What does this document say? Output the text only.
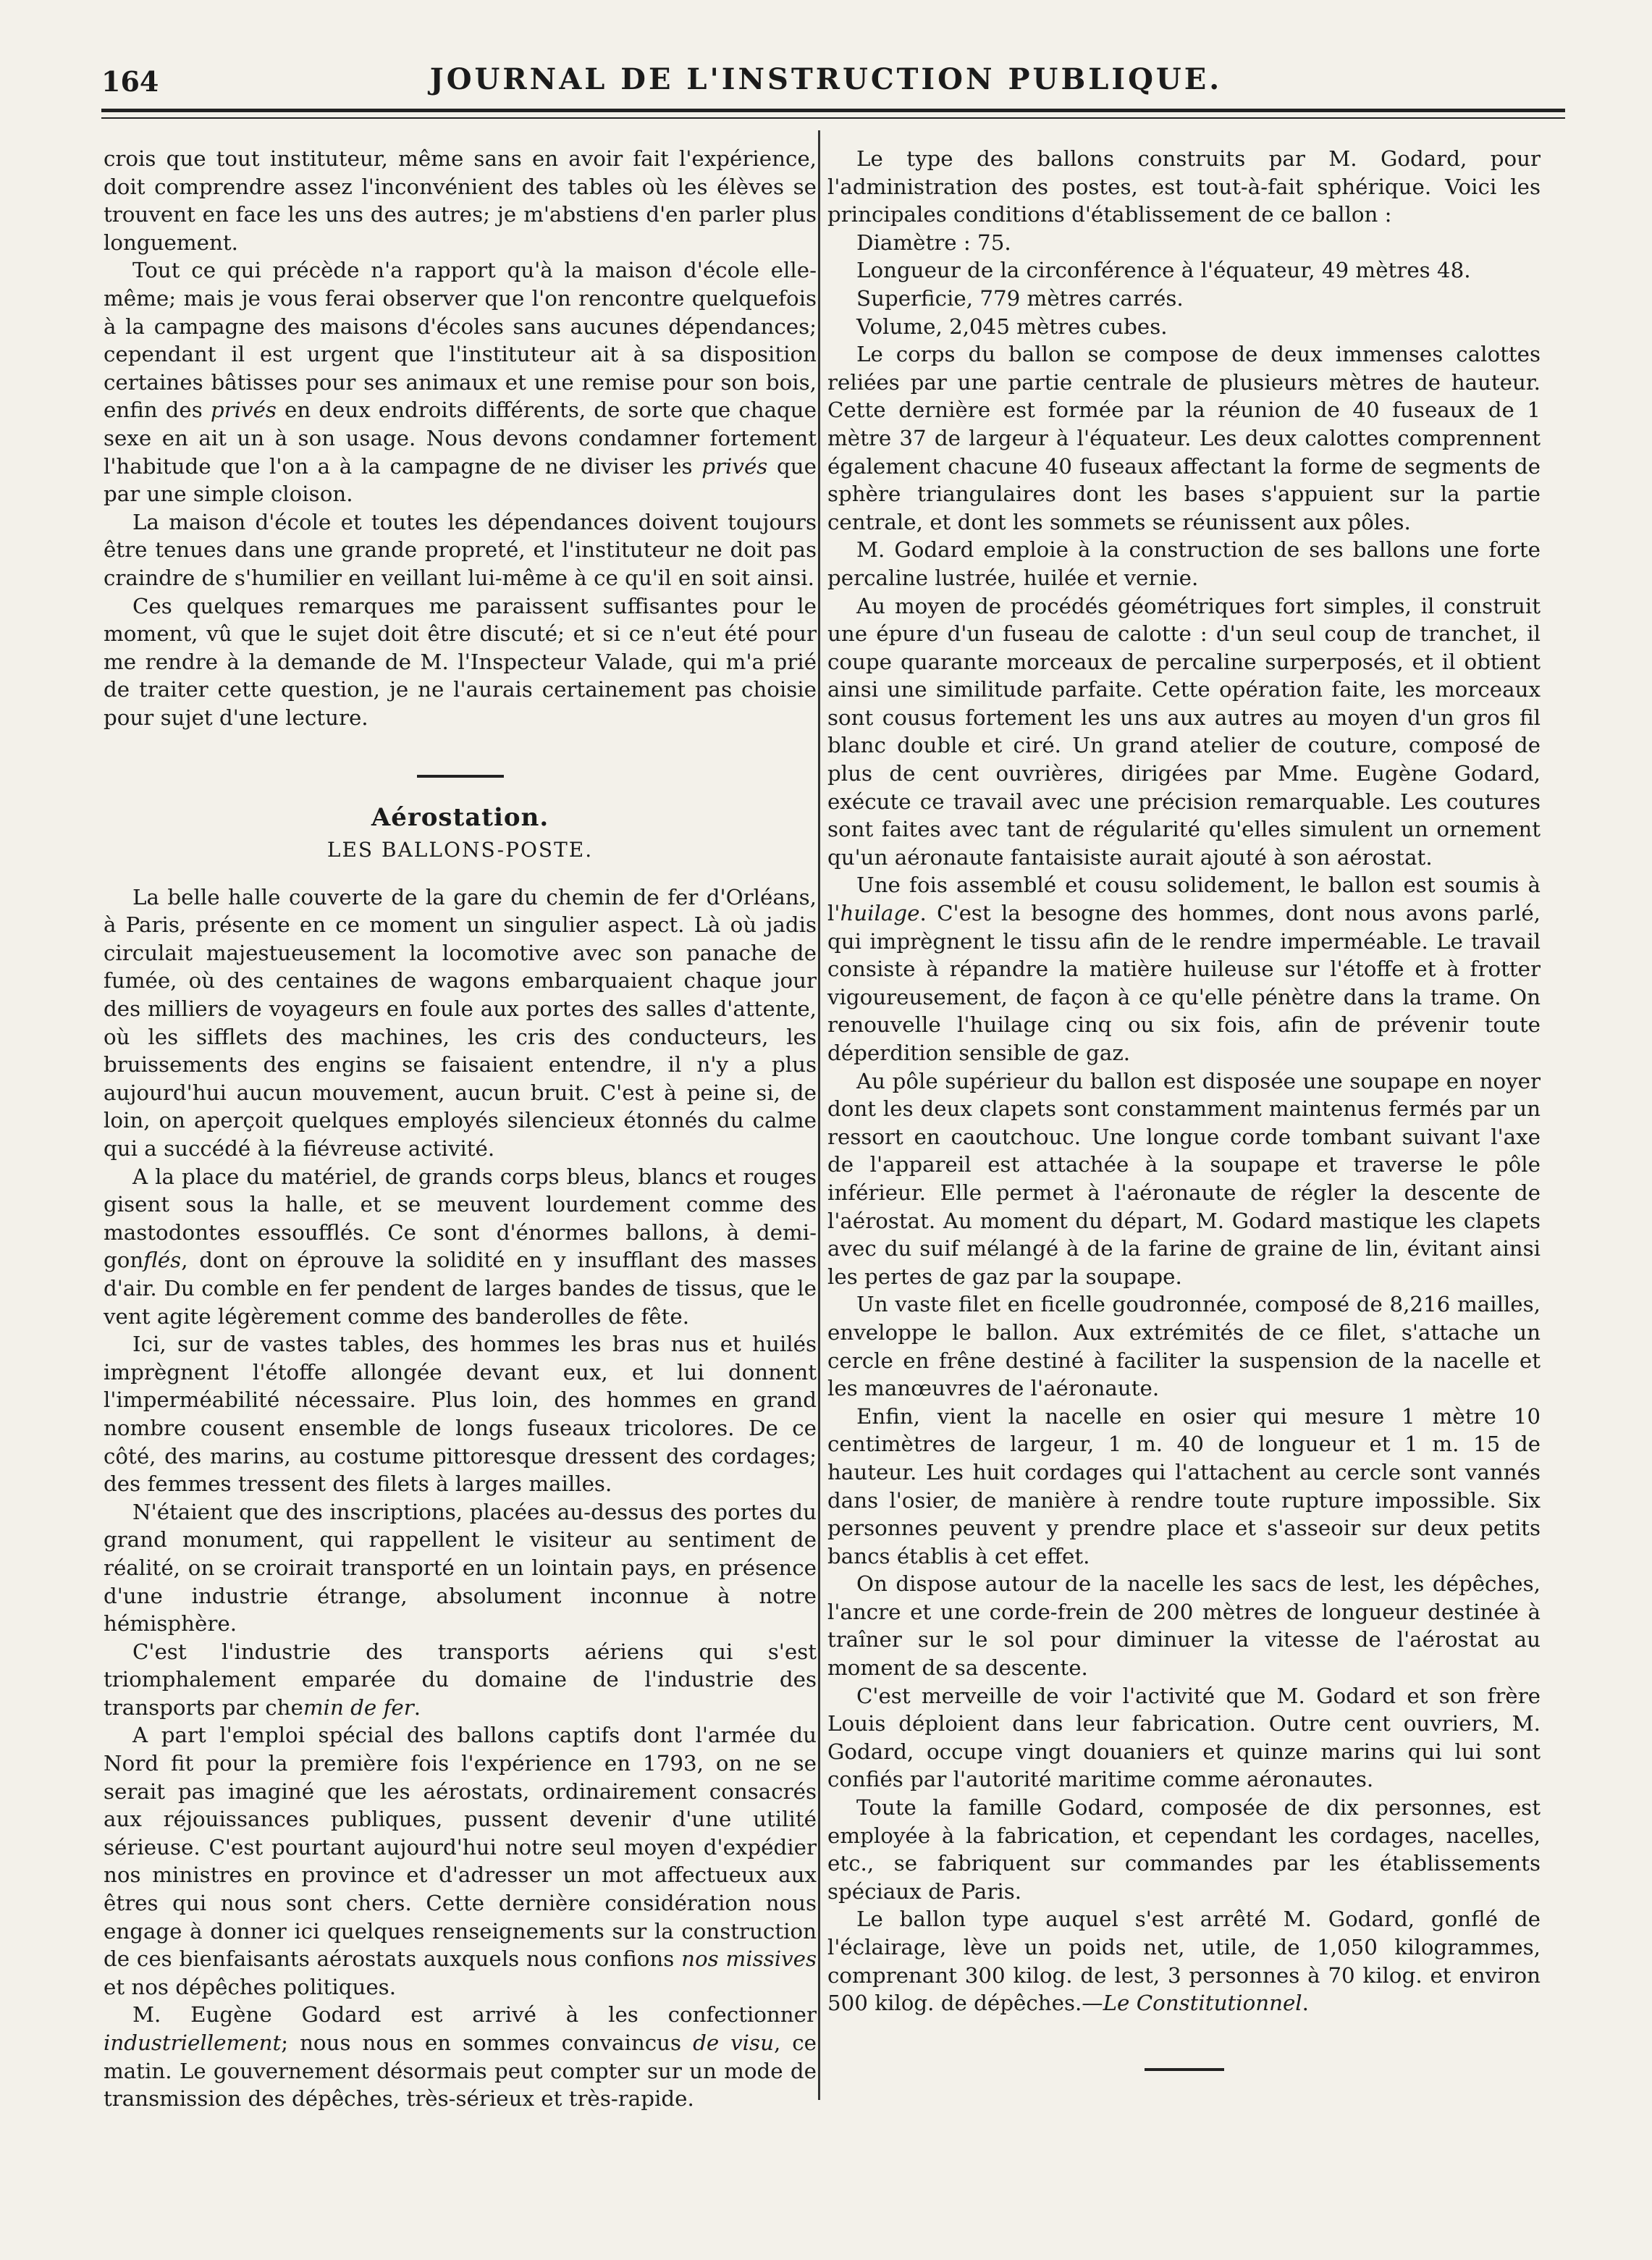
164	JOURNAL DE L'INSTRUCTION PUBLIQUE.

crois que tout instituteur, même sans en avoir fait l'expérience, doit comprendre assez l'inconvénient des tables où les élèves se trouvent en face les uns des autres; je m'abstiens d'en parler plus longuement.

Tout ce qui précède n'a rapport qu'à la maison d'école elle-même; mais je vous ferai observer que l'on rencontre quelquefois à la campagne des maisons d'écoles sans aucunes dépendances; cependant il est urgent que l'instituteur ait à sa disposition certaines bâtisses pour ses animaux et une remise pour son bois, enfin des privés en deux endroits différents, de sorte que chaque sexe en ait un à son usage. Nous devons condamner fortement l'habitude que l'on a à la campagne de ne diviser les privés que par une simple cloison.

La maison d'école et toutes les dépendances doivent toujours être tenues dans une grande propreté, et l'instituteur ne doit pas craindre de s'humilier en veillant lui-même à ce qu'il en soit ainsi.

Ces quelques remarques me paraissent suffisantes pour le moment, vû que le sujet doit être discuté; et si ce n'eut été pour me rendre à la demande de M. l'Inspecteur Valade, qui m'a prié de traiter cette question, je ne l'aurais certainement pas choisie pour sujet d'une lecture.

Aérostation.
LES BALLONS-POSTE.

La belle halle couverte de la gare du chemin de fer d'Orléans, à Paris, présente en ce moment un singulier aspect. Là où jadis circulait majestueusement la locomotive avec son panache de fumée, où des centaines de wagons embarquaient chaque jour des milliers de voyageurs en foule aux portes des salles d'attente, où les sifflets des machines, les cris des conducteurs, les bruissements des engins se faisaient entendre, il n'y a plus aujourd'hui aucun mouvement, aucun bruit. C'est à peine si, de loin, on aperçoit quelques employés silencieux étonnés du calme qui a succédé à la fiévreuse activité.

A la place du matériel, de grands corps bleus, blancs et rouges gisent sous la halle, et se meuvent lourdement comme des mastodontes essoufflés. Ce sont d'énormes ballons, à demi-gonflés, dont on éprouve la solidité en y insufflant des masses d'air. Du comble en fer pendent de larges bandes de tissus, que le vent agite légèrement comme des banderolles de fête.

Ici, sur de vastes tables, des hommes les bras nus et huilés imprègnent l'étoffe allongée devant eux, et lui donnent l'imperméabilité nécessaire. Plus loin, des hommes en grand nombre cousent ensemble de longs fuseaux tricolores. De ce côté, des marins, au costume pittoresque dressent des cordages; des femmes tressent des filets à larges mailles.

N'étaient que des inscriptions, placées au-dessus des portes du grand monument, qui rappellent le visiteur au sentiment de réalité, on se croirait transporté en un lointain pays, en présence d'une industrie étrange, absolument inconnue à notre hémisphère.

C'est l'industrie des transports aériens qui s'est triomphalement emparée du domaine de l'industrie des transports par chemin de fer.

A part l'emploi spécial des ballons captifs dont l'armée du Nord fit pour la première fois l'expérience en 1793, on ne se serait pas imaginé que les aérostats, ordinairement consacrés aux réjouissances publiques, pussent devenir d'une utilité sérieuse. C'est pourtant aujourd'hui notre seul moyen d'expédier nos ministres en province et d'adresser un mot affectueux aux êtres qui nous sont chers. Cette dernière considération nous engage à donner ici quelques renseignements sur la construction de ces bienfaisants aérostats auxquels nous confions nos missives et nos dépêches politiques.

M. Eugène Godard est arrivé à les confectionner industriellement; nous nous en sommes convaincus de visu, ce matin. Le gouvernement désormais peut compter sur un mode de transmission des dépêches, très-sérieux et très-rapide.

Le type des ballons construits par M. Godard, pour l'administration des postes, est tout-à-fait sphérique. Voici les principales conditions d'établissement de ce ballon :

Diamètre : 75.

Longueur de la circonférence à l'équateur, 49 mètres 48.

Superficie, 779 mètres carrés.

Volume, 2,045 mètres cubes.

Le corps du ballon se compose de deux immenses calottes reliées par une partie centrale de plusieurs mètres de hauteur. Cette dernière est formée par la réunion de 40 fuseaux de 1 mètre 37 de largeur à l'équateur. Les deux calottes comprennent également chacune 40 fuseaux affectant la forme de segments de sphère triangulaires dont les bases s'appuient sur la partie centrale, et dont les sommets se réunissent aux pôles.

M. Godard emploie à la construction de ses ballons une forte percaline lustrée, huilée et vernie.

Au moyen de procédés géométriques fort simples, il construit une épure d'un fuseau de calotte : d'un seul coup de tranchet, il coupe quarante morceaux de percaline surperposés, et il obtient ainsi une similitude parfaite. Cette opération faite, les morceaux sont cousus fortement les uns aux autres au moyen d'un gros fil blanc double et ciré. Un grand atelier de couture, composé de plus de cent ouvrières, dirigées par Mme. Eugène Godard, exécute ce travail avec une précision remarquable. Les coutures sont faites avec tant de régularité qu'elles simulent un ornement qu'un aéronaute fantaisiste aurait ajouté à son aérostat.

Une fois assemblé et cousu solidement, le ballon est soumis à l'huilage. C'est la besogne des hommes, dont nous avons parlé, qui imprègnent le tissu afin de le rendre imperméable. Le travail consiste à répandre la matière huileuse sur l'étoffe et à frotter vigoureusement, de façon à ce qu'elle pénètre dans la trame. On renouvelle l'huilage cinq ou six fois, afin de prévenir toute déperdition sensible de gaz.

Au pôle supérieur du ballon est disposée une soupape en noyer dont les deux clapets sont constamment maintenus fermés par un ressort en caoutchouc. Une longue corde tombant suivant l'axe de l'appareil est attachée à la soupape et traverse le pôle inférieur. Elle permet à l'aéronaute de régler la descente de l'aérostat. Au moment du départ, M. Godard mastique les clapets avec du suif mélangé à de la farine de graine de lin, évitant ainsi les pertes de gaz par la soupape.

Un vaste filet en ficelle goudronnée, composé de 8,216 mailles, enveloppe le ballon. Aux extrémités de ce filet, s'attache un cercle en frêne destiné à faciliter la suspension de la nacelle et les manœuvres de l'aéronaute.

Enfin, vient la nacelle en osier qui mesure 1 mètre 10 centimètres de largeur, 1 m. 40 de longueur et 1 m. 15 de hauteur. Les huit cordages qui l'attachent au cercle sont vannés dans l'osier, de manière à rendre toute rupture impossible. Six personnes peuvent y prendre place et s'asseoir sur deux petits bancs établis à cet effet.

On dispose autour de la nacelle les sacs de lest, les dépêches, l'ancre et une corde-frein de 200 mètres de longueur destinée à traîner sur le sol pour diminuer la vitesse de l'aérostat au moment de sa descente.

C'est merveille de voir l'activité que M. Godard et son frère Louis déploient dans leur fabrication. Outre cent ouvriers, M. Godard, occupe vingt douaniers et quinze marins qui lui sont confiés par l'autorité maritime comme aéronautes.

Toute la famille Godard, composée de dix personnes, est employée à la fabrication, et cependant les cordages, nacelles, etc., se fabriquent sur commandes par les établissements spéciaux de Paris.

Le ballon type auquel s'est arrêté M. Godard, gonflé de l'éclairage, lève un poids net, utile, de 1,050 kilogrammes, comprenant 300 kilog. de lest, 3 personnes à 70 kilog. et environ 500 kilog. de dépêches.—Le Constitutionnel.
